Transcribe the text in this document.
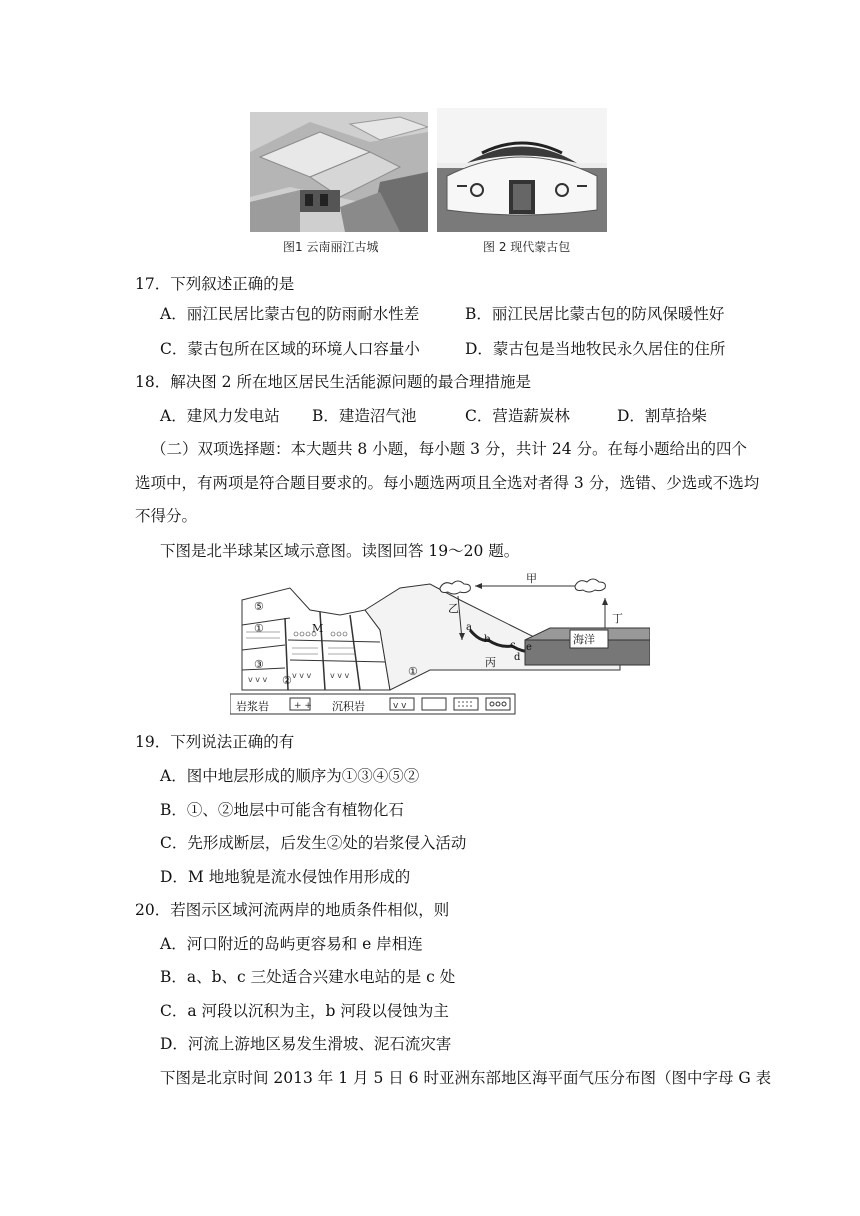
图1 云南丽江古城	图 2 现代蒙古包
17．下列叙述正确的是
A．丽江民居比蒙古包的防雨耐水性差	B．丽江民居比蒙古包的防风保暖性好
C．蒙古包所在区域的环境人口容量小	D．蒙古包是当地牧民永久居住的住所
18．解决图 2 所在地区居民生活能源问题的最合理措施是
A．建风力发电站 B．建造沼气池	C．营造薪炭林	D．割草拾柴
（二）双项选择题：本大题共 8 小题，每小题 3 分，共计 24 分。在每小题给出的四个
选项中，有两项是符合题目要求的。每小题选两项且全选对者得 3 分，选错、少选或不选均
不得分。
下图是北半球某区域示意图。读图回答 19～20 题。
v v v	v v v v v v
+ +	v v
甲
乙
丁
丙
海洋
a
b
c
d
e
M
⑤
①
③
②
①
岩浆岩	沉积岩
19．下列说法正确的有
A．图中地层形成的顺序为①③④⑤②
B．①、②地层中可能含有植物化石
C．先形成断层，后发生②处的岩浆侵入活动
D．M 地地貌是流水侵蚀作用形成的
20．若图示区域河流两岸的地质条件相似，则
A．河口附近的岛屿更容易和 e 岸相连
B．a、b、c 三处适合兴建水电站的是 c 处
C．a 河段以沉积为主，b 河段以侵蚀为主
D．河流上游地区易发生滑坡、泥石流灾害
下图是北京时间 2013 年 1 月 5 日 6 时亚洲东部地区海平面气压分布图（图中字母 G 表
